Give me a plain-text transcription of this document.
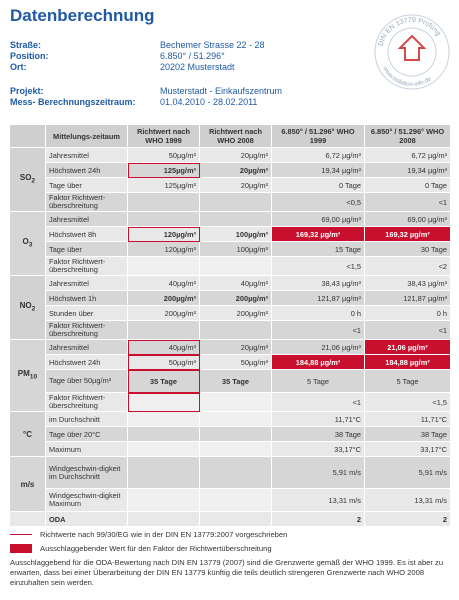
Datenberechnung
DIN EN 13779 Prüfung
www.ostlation-info.de
Straße:	Bechemer Strasse 22 - 28
Position:	6.850° / 51.296°
Ort:	20202 Musterstadt
Projekt:	Musterstadt - Einkaufszentrum
Mess- Berechnungszeitraum:	01.04.2010 - 28.02.2011
	Mittelungs-zeitaum	Richtwert nach WHO 1999	Richtwert nach WHO 2008	6.850° / 51.296° WHO 1999	6.850° / 51.296° WHO 2008
$SO_2$	Jahresmittel	50µg/m³	20µg/m³	6,72 µg/m³	6,72 µg/m³
	Höchstwert 24h	125µg/m³	20µg/m³	19,34 µg/m³	19,34 µg/m³
	Tage über	125µg/m³	20µg/m³	0 Tage	0 Tage
	Faktor Richtwert-überschreitung			<0,5	<1
$O_3$	Jahresmittel			69,00 µg/m³	69,00 µg/m³
	Höchstwert 8h	120µg/m³	100µg/m³	169,32 µg/m³	169,32 µg/m³
	Tage über	120µg/m³	100µg/m³	15 Tage	30 Tage
	Faktor Richtwert-überschreitung			<1,5	<2
$NO_2$	Jahresmittel	40µg/m³	40µg/m³	38,43 µg/m³	38,43 µg/m³
	Höchstwert 1h	200µg/m³	200µg/m³	121,87 µg/m³	121,87 µg/m³
	Stunden über	200µg/m³	200µg/m³	0 h	0 h
	Faktor Richtwert-überschreitung			<1	<1
$PM_{10}$	Jahresmittel	40µg/m³	20µg/m³	21,06 µg/m³	21,06 µg/m³
	Höchstwert 24h	50µg/m³	50µg/m³	184,88 µg/m³	184,88 µg/m³
	Tage über 50µg/m³	35 Tage	35 Tage	5 Tage	5 Tage
	Faktor Richtwert-überschreitung			<1	<1,5
°C	im Durchschnitt			11,71°C	11,71°C
	Tage über 20°C			38 Tage	38 Tage
	Maximum			33,17°C	33,17°C
m/s	Windgeschwin-digkeit im Durchschnitt			5,91 m/s	5,91 m/s
	Windgeschwin-digkeit Maximum			13,31 m/s	13,31 m/s
	ODA			2	2
Richtwerte nach 99/30/EG wie in der DIN EN 13779:2007 vorgeschrieben
Ausschlaggebender Wert für den Faktor der Richtwertüberschreitung
Ausschlaggebend für die ODA-Bewertung nach DIN EN 13779 (2007) sind die Grenzwerte gemäß der WHO 1999. Es ist aber zu erwarten, dass bei einer Überarbeitung der DIN EN 13779 künftig die teils deutlich strengeren Grenzwerte nach WHO 2008 einzuhalten sein werden.
